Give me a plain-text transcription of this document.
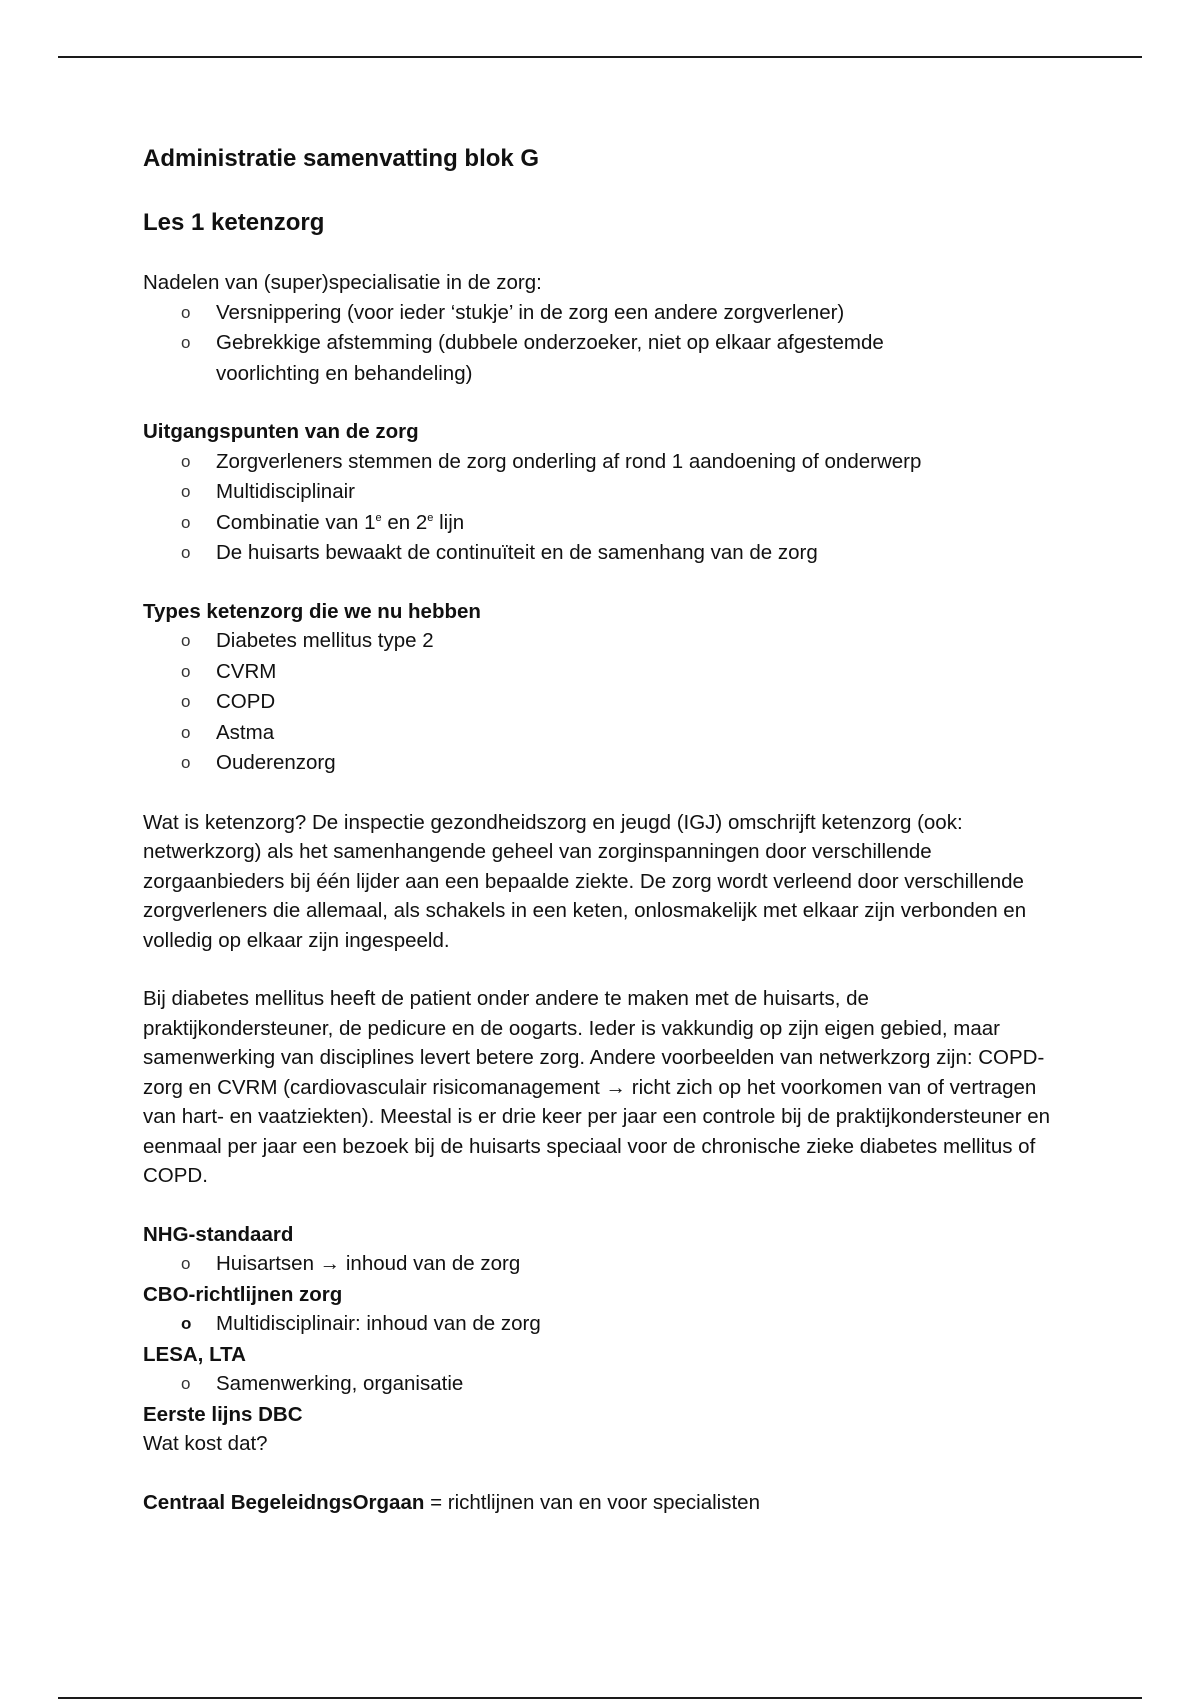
Administratie samenvatting blok G
Les 1 ketenzorg

Nadelen van (super)specialisatie in de zorg:

o Versnippering (voor ieder ‘stukje’ in de zorg een andere zorgverlener)
o Gebrekkige afstemming (dubbele onderzoeker, niet op elkaar afgestemde voorlichting en behandeling)

Uitgangspunten van de zorg

o Zorgverleners stemmen de zorg onderling af rond 1 aandoening of onderwerp
o Multidisciplinair
o Combinatie van 1e en 2e lijn
o De huisarts bewaakt de continuïteit en de samenhang van de zorg

Types ketenzorg die we nu hebben

o Diabetes mellitus type 2
o CVRM
o COPD
o Astma
o Ouderenzorg

Wat is ketenzorg? De inspectie gezondheidszorg en jeugd (IGJ) omschrijft ketenzorg (ook: netwerkzorg) als het samenhangende geheel van zorginspanningen door verschillende zorgaanbieders bij één lijder aan een bepaalde ziekte. De zorg wordt verleend door verschillende zorgverleners die allemaal, als schakels in een keten, onlosmakelijk met elkaar zijn verbonden en volledig op elkaar zijn ingespeeld.

Bij diabetes mellitus heeft de patient onder andere te maken met de huisarts, de praktijkondersteuner, de pedicure en de oogarts. Ieder is vakkundig op zijn eigen gebied, maar samenwerking van disciplines levert betere zorg. Andere voorbeelden van netwerkzorg zijn: COPD-zorg en CVRM (cardiovasculair risicomanagement → richt zich op het voorkomen van of vertragen van hart- en vaatziekten). Meestal is er drie keer per jaar een controle bij de praktijkondersteuner en eenmaal per jaar een bezoek bij de huisarts speciaal voor de chronische zieke diabetes mellitus of COPD.

NHG-standaard

o Huisartsen → inhoud van de zorg

CBO-richtlijnen zorg

o Multidisciplinair: inhoud van de zorg

LESA, LTA

o Samenwerking, organisatie

Eerste lijns DBC

Wat kost dat?

Centraal BegeleidngsOrgaan = richtlijnen van en voor specialisten
